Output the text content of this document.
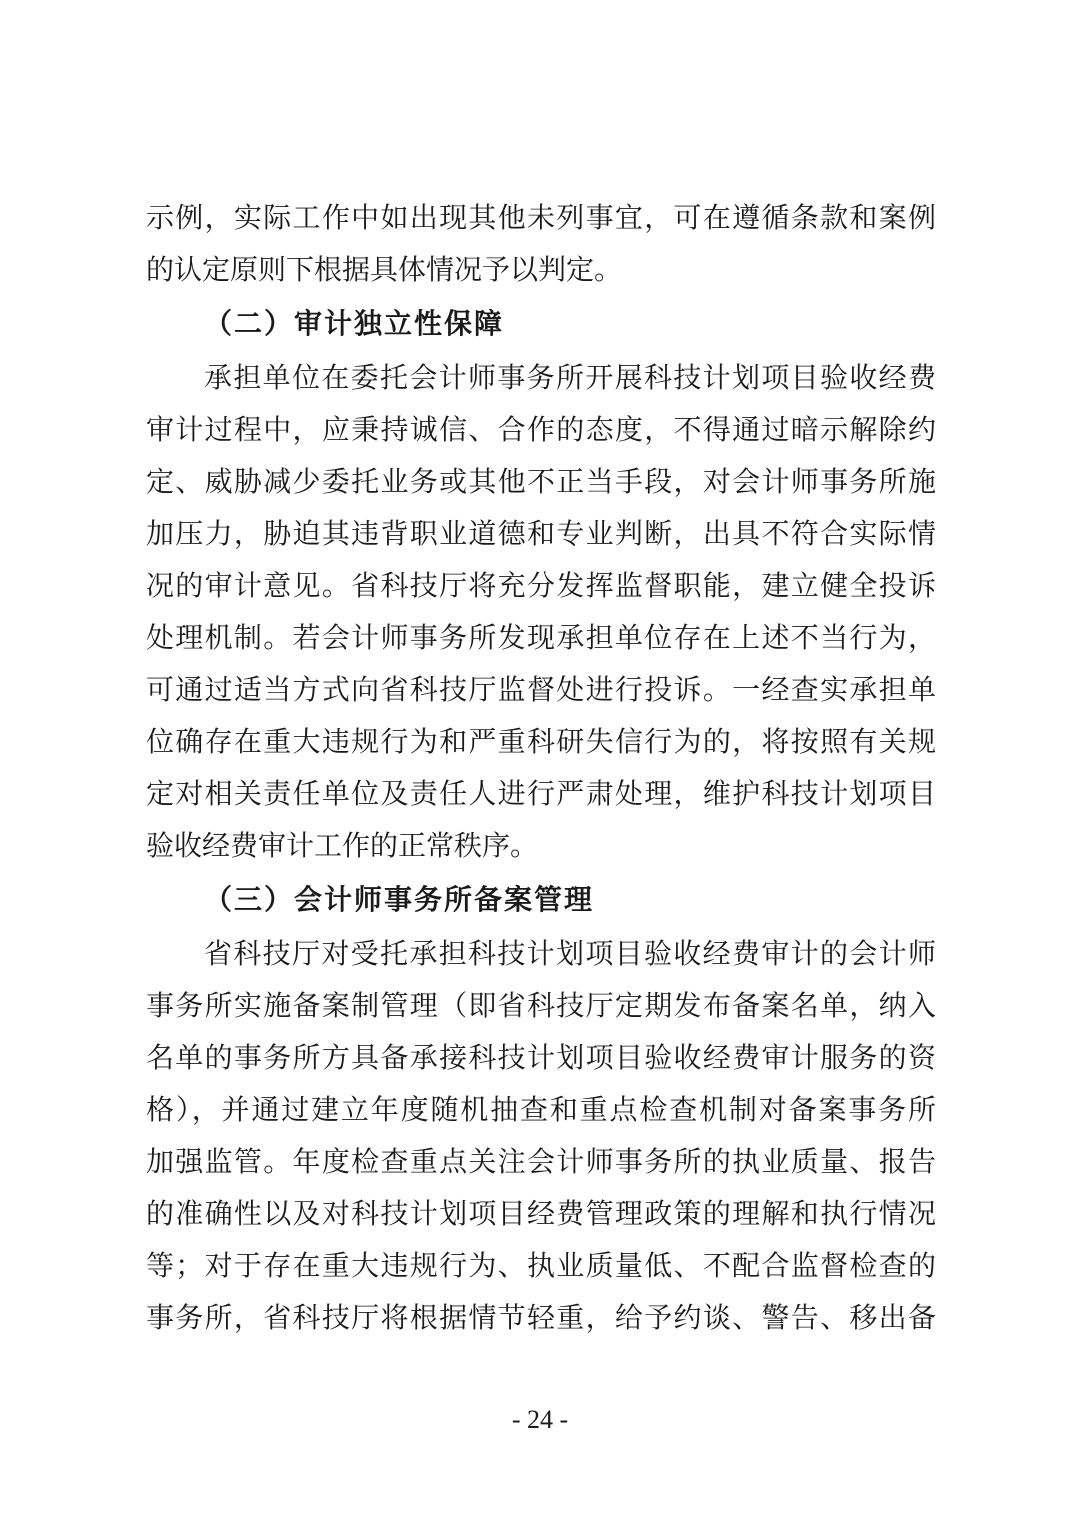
示例，实际工作中如出现其他未列事宜，可在遵循条款和案例
的认定原则下根据具体情况予以判定。
（二）审计独立性保障
承担单位在委托会计师事务所开展科技计划项目验收经费
审计过程中，应秉持诚信、合作的态度，不得通过暗示解除约
定、威胁减少委托业务或其他不正当手段，对会计师事务所施
加压力，胁迫其违背职业道德和专业判断，出具不符合实际情
况的审计意见。省科技厅将充分发挥监督职能，建立健全投诉
处理机制。若会计师事务所发现承担单位存在上述不当行为，
可通过适当方式向省科技厅监督处进行投诉。一经查实承担单
位确存在重大违规行为和严重科研失信行为的，将按照有关规
定对相关责任单位及责任人进行严肃处理，维护科技计划项目
验收经费审计工作的正常秩序。
（三）会计师事务所备案管理
省科技厅对受托承担科技计划项目验收经费审计的会计师
事务所实施备案制管理（即省科技厅定期发布备案名单，纳入
名单的事务所方具备承接科技计划项目验收经费审计服务的资
格），并通过建立年度随机抽查和重点检查机制对备案事务所
加强监管。年度检查重点关注会计师事务所的执业质量、报告
的准确性以及对科技计划项目经费管理政策的理解和执行情况
等；对于存在重大违规行为、执业质量低、不配合监督检查的
事务所，省科技厅将根据情节轻重，给予约谈、警告、移出备
- 24 -
